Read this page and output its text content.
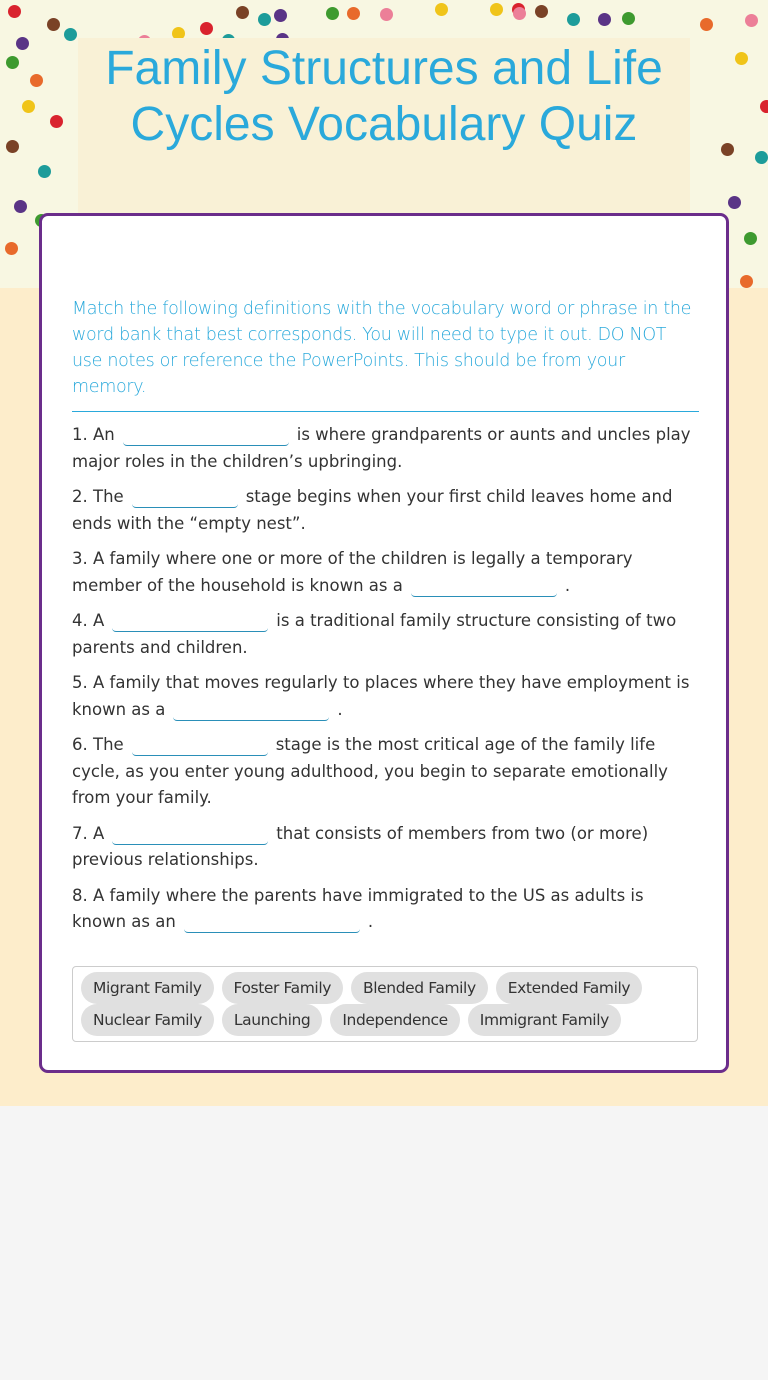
Family Structures and Life Cycles Vocabulary Quiz
Match the following definitions with the vocabulary word or phrase in the word bank that best corresponds. You will need to type it out. DO NOT use notes or reference the PowerPoints. This should be from your memory.

1. An	is where grandparents or aunts and uncles play major roles in the children’s upbringing.

2. The	stage begins when your first child leaves home and ends with the “empty nest”.

3. A family where one or more of the children is legally a temporary member of the household is known as a	.

4. A	is a traditional family structure consisting of two parents and children.

5. A family that moves regularly to places where they have employment is known as a	.

6. The	stage is the most critical age of the family life cycle, as you enter young adulthood, you begin to separate emotionally from your family.

7. A	that consists of members from two (or more) previous relationships.

8. A family where the parents have immigrated to the US as adults is known as an	.

Migrant Family	Foster Family	Blended Family	Extended Family
Nuclear Family	Launching	Independence	Immigrant Family
